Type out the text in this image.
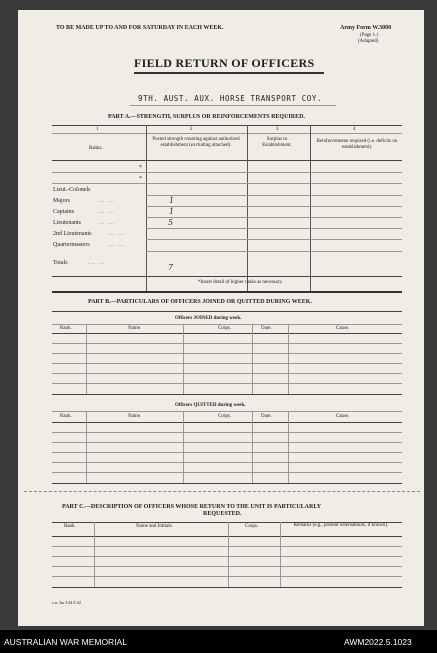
TO BE MADE UP TO AND FOR SATURDAY IN EACH WEEK.	Army Form W.3008
(Page 1.)
(Adapted)
FIELD RETURN OF OFFICERS
9TH. AUST. AUX. HORSE TRANSPORT COY.
PART A.—STRENGTH, SURPLUS OR REINFORCEMENTS REQUIRED.
1	2	3	4
Ranks.
Posted strength counting against authorized establishment (excluding attached).
Surplus to Establishment.
Reinforcements required (i.e. deficits on establishment).
*
*
Lieut.-Colonels
Majors	... ...	1
Captains	... ...	1
Lieutenants	... ...	5
2nd Lieutenants	... ...
Quartermasters	... ...
Totals	... ...	7
*Insert detail of higher ranks as necessary.
PART B.—PARTICULARS OF OFFICERS JOINED OR QUITTED DURING WEEK.
Officers JOINED during week.
Rank.	Name.	Corps.	Date.	Cause.
Officers QUITTED during week.
Rank.	Name.	Corps.	Date.	Cause.
PART C.—DESCRIPTION OF OFFICERS WHOSE RETURN TO THE UNIT IS PARTICULARLY
REQUESTED.
Rank.	Name and Initials.	Corps.	Remarks (e.g., present whereabouts, if known).
s.w. 3m 5/44 E 62
AUSTRALIAN WAR MEMORIAL	AWM2022.5.1023
